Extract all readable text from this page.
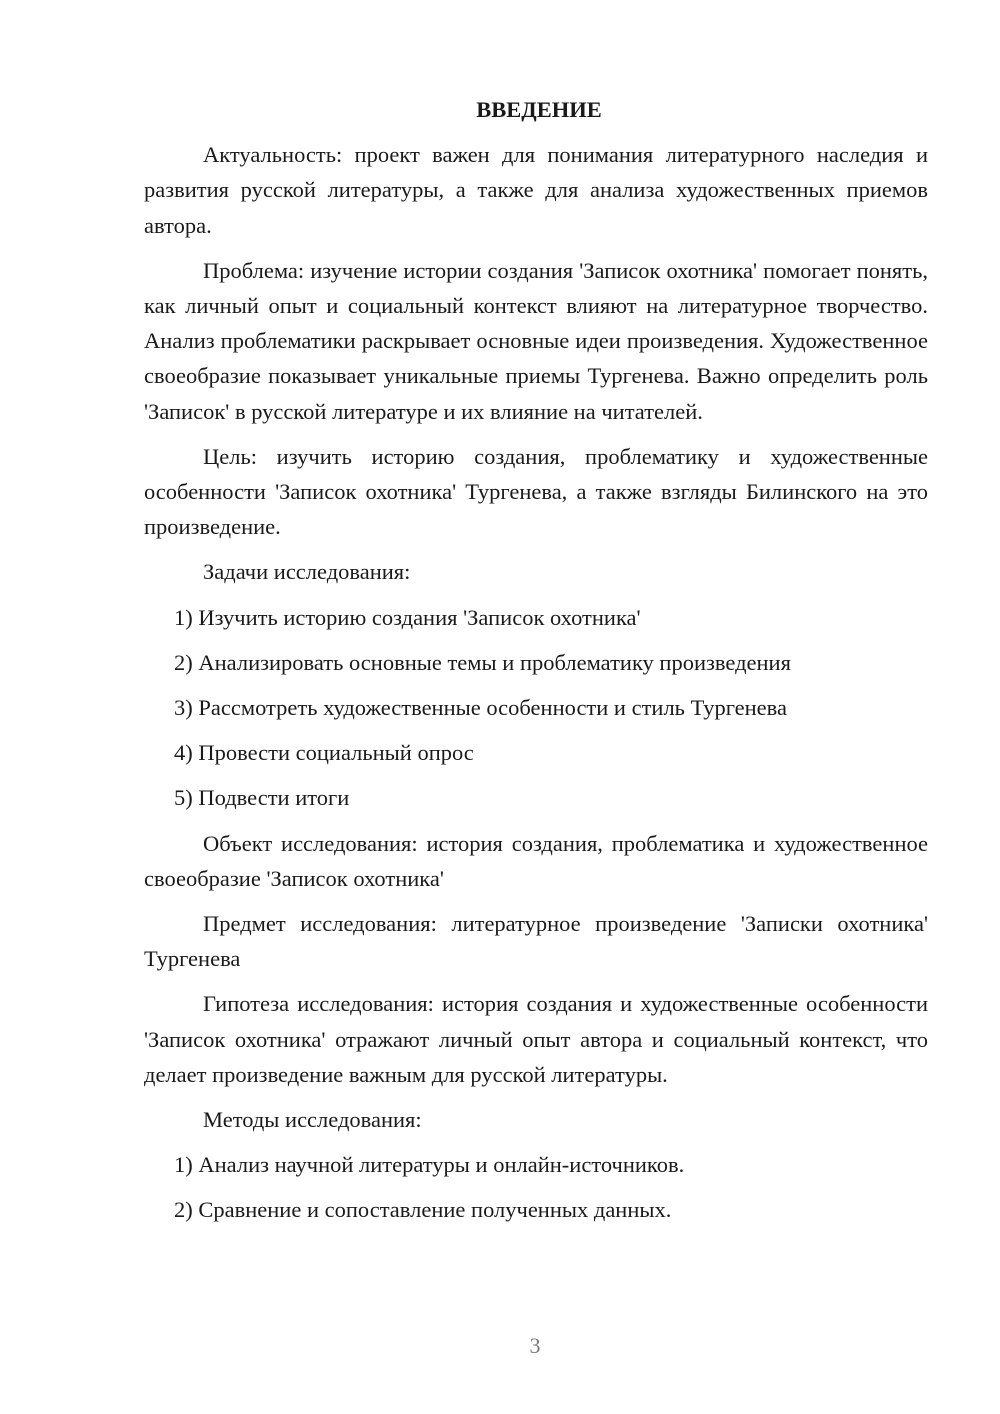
ВВЕДЕНИЕ

Актуальность: проект важен для понимания литературного наследия и развития русской литературы, а также для анализа художественных приемов автора.

Проблема: изучение истории создания 'Записок охотника' помогает понять, как личный опыт и социальный контекст влияют на литературное творчество. Анализ проблематики раскрывает основные идеи произведения. Художественное своеобразие показывает уникальные приемы Тургенева. Важно определить роль 'Записок' в русской литературе и их влияние на читателей.

Цель: изучить историю создания, проблематику и художественные особенности 'Записок охотника' Тургенева, а также взгляды Билинского на это произведение.

Задачи исследования:

1) Изучить историю создания 'Записок охотника'

2) Анализировать основные темы и проблематику произведения

3) Рассмотреть художественные особенности и стиль Тургенева

4) Провести социальный опрос

5) Подвести итоги

Объект исследования: история создания, проблематика и художественное своеобразие 'Записок охотника'

Предмет исследования: литературное произведение 'Записки охотника' Тургенева

Гипотеза исследования: история создания и художественные особенности 'Записок охотника' отражают личный опыт автора и социальный контекст, что делает произведение важным для русской литературы.

Методы исследования:

1) Анализ научной литературы и онлайн-источников.

2) Сравнение и сопоставление полученных данных.

3
